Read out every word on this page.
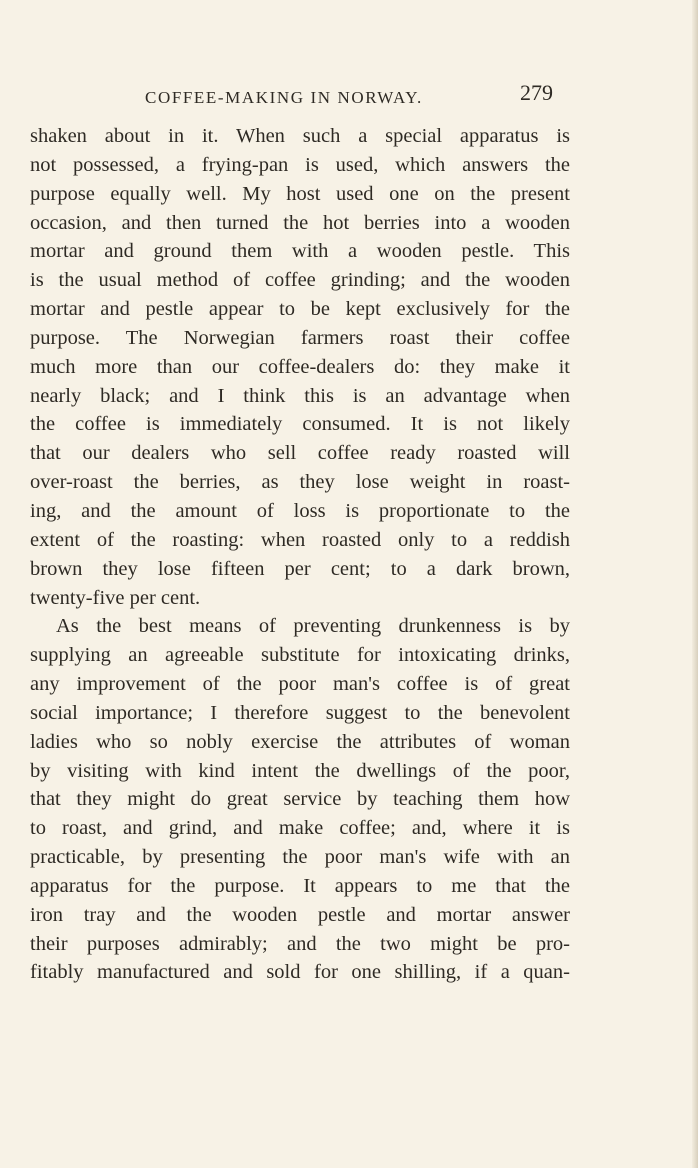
COFFEE-MAKING IN NORWAY.	279
shaken about in it. When such a special apparatus is
not possessed, a frying-pan is used, which answers the
purpose equally well. My host used one on the present
occasion, and then turned the hot berries into a wooden
mortar and ground them with a wooden pestle. This
is the usual method of coffee grinding; and the wooden
mortar and pestle appear to be kept exclusively for the
purpose. The Norwegian farmers roast their coffee
much more than our coffee-dealers do: they make it
nearly black; and I think this is an advantage when
the coffee is immediately consumed. It is not likely
that our dealers who sell coffee ready roasted will
over-roast the berries, as they lose weight in roast-
ing, and the amount of loss is proportionate to the
extent of the roasting: when roasted only to a reddish
brown they lose fifteen per cent; to a dark brown,
twenty-five per cent.
As the best means of preventing drunkenness is by
supplying an agreeable substitute for intoxicating drinks,
any improvement of the poor man's coffee is of great
social importance; I therefore suggest to the benevolent
ladies who so nobly exercise the attributes of woman
by visiting with kind intent the dwellings of the poor,
that they might do great service by teaching them how
to roast, and grind, and make coffee; and, where it is
practicable, by presenting the poor man's wife with an
apparatus for the purpose. It appears to me that the
iron tray and the wooden pestle and mortar answer
their purposes admirably; and the two might be pro-
fitably manufactured and sold for one shilling, if a quan-
